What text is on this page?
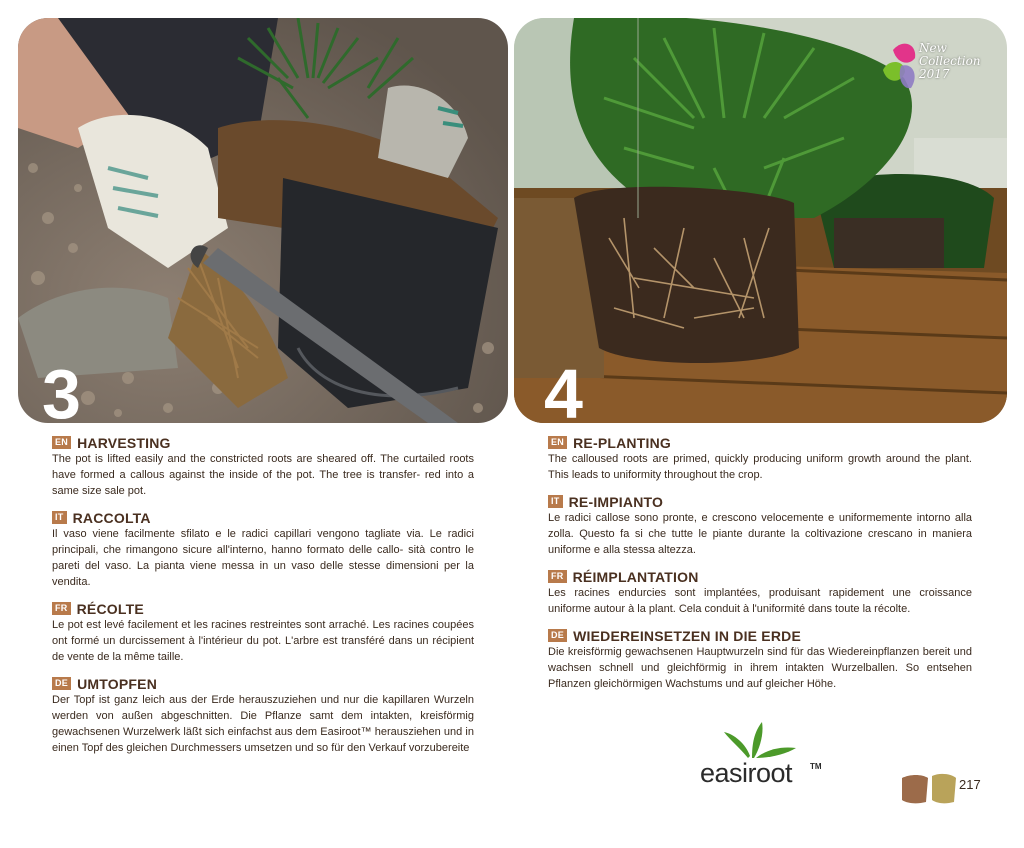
3	4
New
Collection
2017
EN HARVESTING

The pot is lifted easily and the constricted roots are sheared off. The curtailed roots have formed a callous against the inside of the pot. The tree is transfer- red into a same size sale pot.

IT RACCOLTA

Il vaso viene facilmente sfilato e le radici capillari vengono tagliate via. Le radici principali, che rimangono sicure all'interno, hanno formato delle callo- sità contro le pareti del vaso. La pianta viene messa in un vaso delle stesse dimensioni per la vendita.

FR RÉCOLTE

Le pot est levé facilement et les racines restreintes sont arraché. Les racines coupées ont formé un durcissement à l'intérieur du pot. L'arbre est transféré dans un récipient de vente de la même taille.

DE UMTOPFEN

Der Topf ist ganz leich aus der Erde herauszuziehen und nur die kapillaren Wurzeln werden von außen abgeschnitten. Die Pflanze samt dem intakten, kreisförmig gewachsenen Wurzelwerk läßt sich einfachst aus dem Easiroot™ herausziehen und in einen Topf des gleichen Durchmessers umsetzen und so für den Verkauf vorzubereite

EN RE-PLANTING

The calloused roots are primed, quickly producing uniform growth around the plant. This leads to uniformity throughout the crop.

IT RE-IMPIANTO

Le radici callose sono pronte, e crescono velocemente e uniformemente intorno alla zolla. Questo fa si che tutte le piante durante la coltivazione crescano in maniera uniforme e alla stessa altezza.

FR RÉIMPLANTATION

Les racines endurcies sont implantées, produisant rapidement une croissance uniforme autour à la plant. Cela conduit à l'uniformité dans toute la récolte.

DE WIEDEREINSETZEN IN DIE ERDE

Die kreisförmig gewachsenen Hauptwurzeln sind für das Wiedereinpflanzen bereit und wachsen schnell und gleichförmig in ihrem intakten Wurzelballen. So entsehen Pflanzen gleichörmigen Wachstums und auf gleicher Höhe.

easiroot TM
217
